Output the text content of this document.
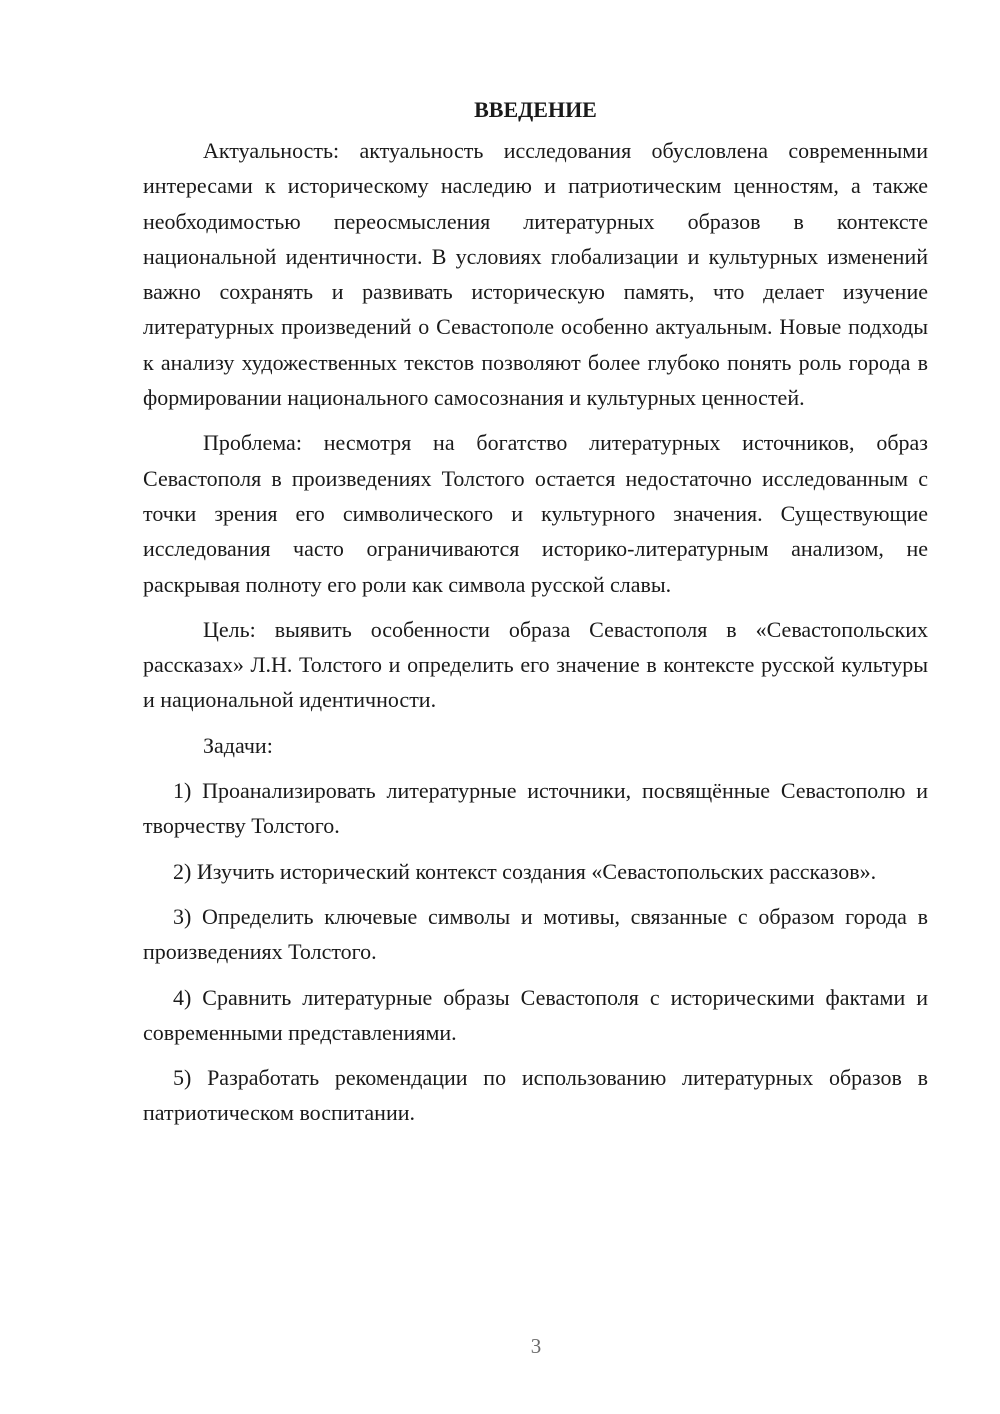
ВВЕДЕНИЕ

Актуальность: актуальность исследования обусловлена современными интересами к историческому наследию и патриотическим ценностям, а также необходимостью переосмысления литературных образов в контексте национальной идентичности. В условиях глобализации и культурных изменений важно сохранять и развивать историческую память, что делает изучение литературных произведений о Севастополе особенно актуальным. Новые подходы к анализу художественных текстов позволяют более глубоко понять роль города в формировании национального самосознания и культурных ценностей.

Проблема: несмотря на богатство литературных источников, образ Севастополя в произведениях Толстого остается недостаточно исследованным с точки зрения его символического и культурного значения. Существующие исследования часто ограничиваются историко-литературным анализом, не раскрывая полноту его роли как символа русской славы.

Цель: выявить особенности образа Севастополя в «Севастопольских рассказах» Л.Н. Толстого и определить его значение в контексте русской культуры и национальной идентичности.

Задачи:

1) Проанализировать литературные источники, посвящённые Севастополю и творчеству Толстого.

2) Изучить исторический контекст создания «Севастопольских рассказов».

3) Определить ключевые символы и мотивы, связанные с образом города в произведениях Толстого.

4) Сравнить литературные образы Севастополя с историческими фактами и современными представлениями.

5) Разработать рекомендации по использованию литературных образов в патриотическом воспитании.

3
